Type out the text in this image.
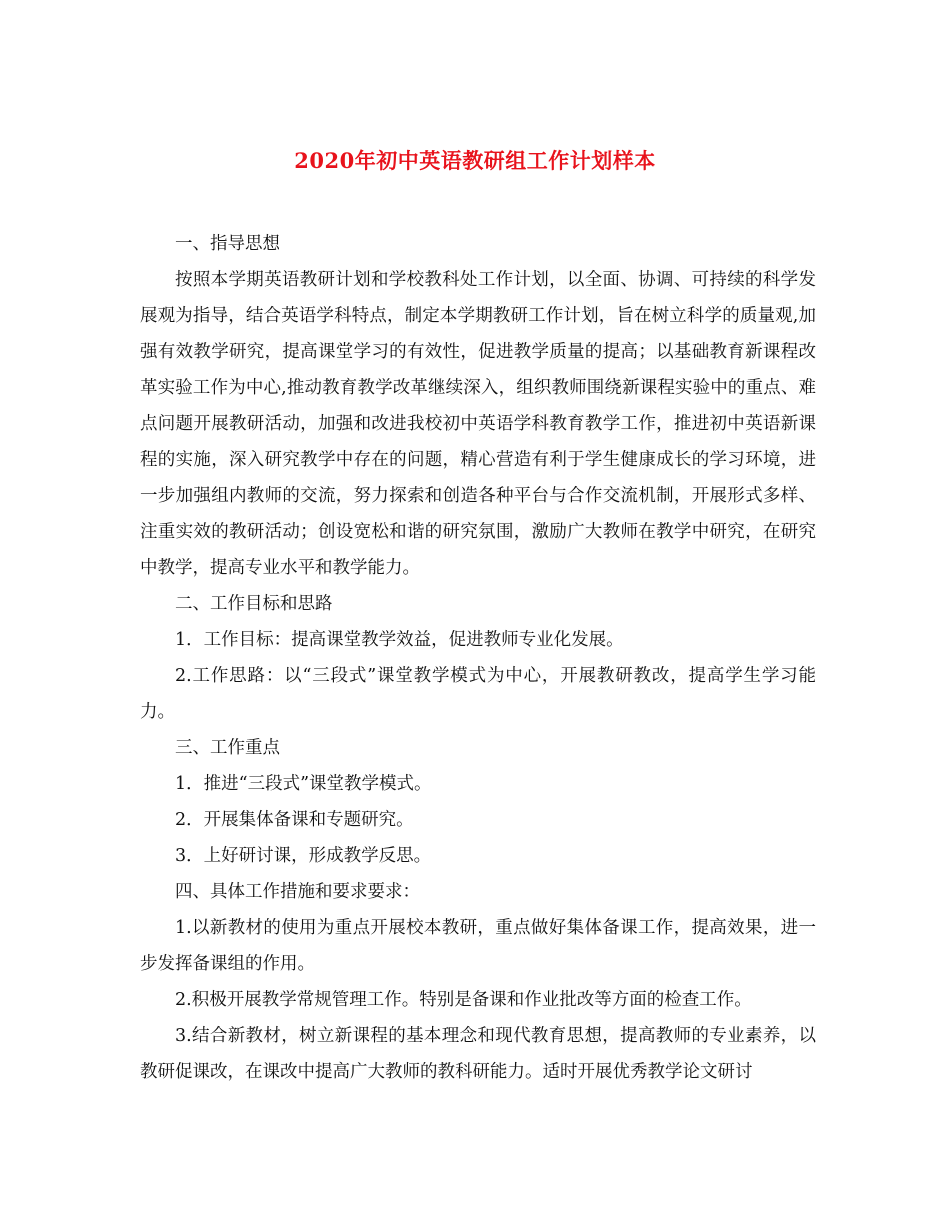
2020年初中英语教研组工作计划样本

一、指导思想

按照本学期英语教研计划和学校教科处工作计划，以全面、协调、可持续的科学发展观为指导，结合英语学科特点，制定本学期教研工作计划，旨在树立科学的质量观,加强有效教学研究，提高课堂学习的有效性，促进教学质量的提高；以基础教育新课程改革实验工作为中心,推动教育教学改革继续深入，组织教师围绕新课程实验中的重点、难点问题开展教研活动，加强和改进我校初中英语学科教育教学工作，推进初中英语新课程的实施，深入研究教学中存在的问题，精心营造有利于学生健康成长的学习环境，进一步加强组内教师的交流，努力探索和创造各种平台与合作交流机制，开展形式多样、注重实效的教研活动；创设宽松和谐的研究氛围，激励广大教师在教学中研究，在研究中教学，提高专业水平和教学能力。

二、工作目标和思路

1．工作目标：提高课堂教学效益，促进教师专业化发展。

2.工作思路：以“三段式”课堂教学模式为中心，开展教研教改，提高学生学习能力。

三、工作重点

1．推进“三段式”课堂教学模式。

2．开展集体备课和专题研究。

3．上好研讨课，形成教学反思。

四、具体工作措施和要求要求：

1.以新教材的使用为重点开展校本教研，重点做好集体备课工作，提高效果，进一步发挥备课组的作用。

2.积极开展教学常规管理工作。特别是备课和作业批改等方面的检查工作。

3.结合新教材，树立新课程的基本理念和现代教育思想，提高教师的专业素养，以教研促课改，在课改中提高广大教师的教科研能力。适时开展优秀教学论文研讨
